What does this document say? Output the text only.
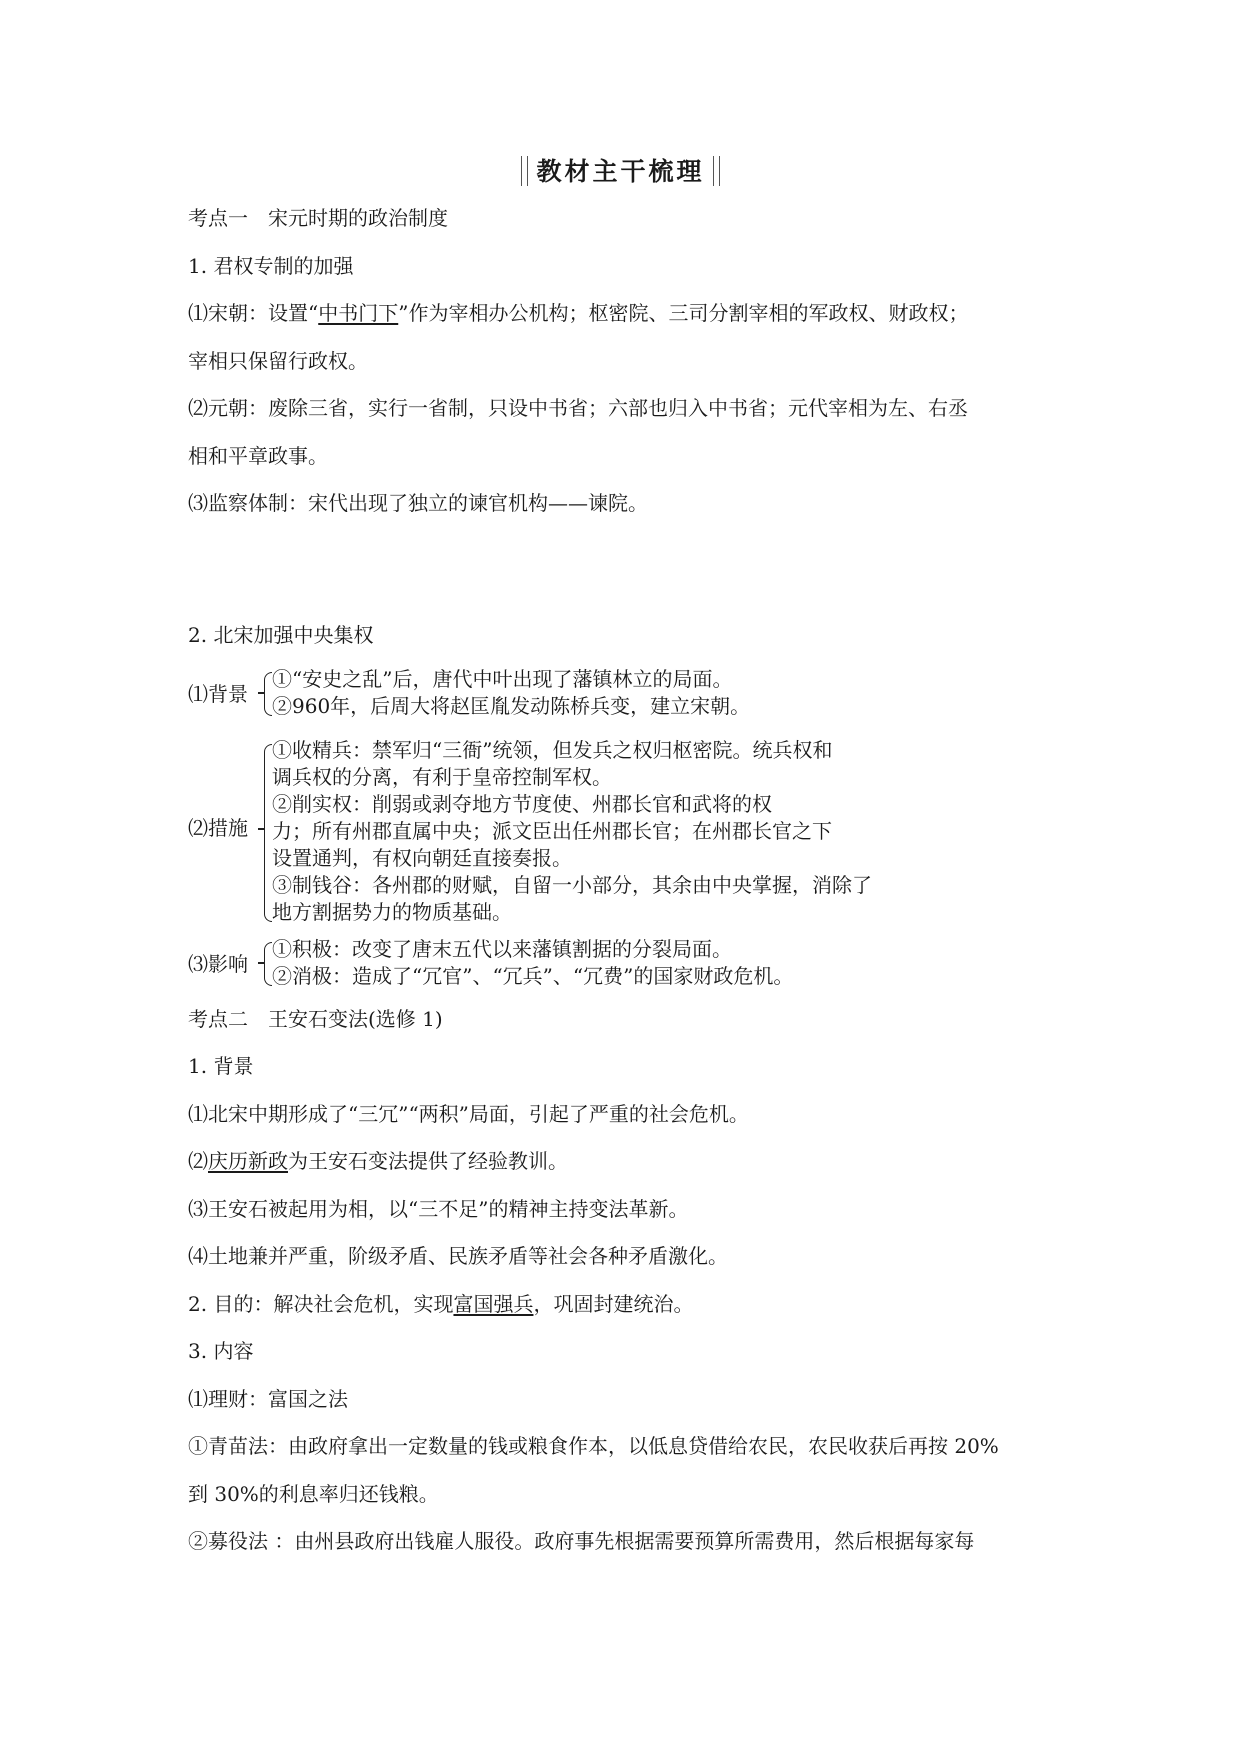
教材主干梳理
考点一　宋元时期的政治制度
1. 君权专制的加强
⑴宋朝：设置“中书门下”作为宰相办公机构；枢密院、三司分割宰相的军政权、财政权；
宰相只保留行政权。
⑵元朝：废除三省，实行一省制，只设中书省；六部也归入中书省；元代宰相为左、右丞
相和平章政事。
⑶监察体制：宋代出现了独立的谏官机构——谏院。
2. 北宋加强中央集权
⑴背景
①“安史之乱”后，唐代中叶出现了藩镇林立的局面。
②960年，后周大将赵匡胤发动陈桥兵变，建立宋朝。
⑵措施
①收精兵：禁军归“三衙”统领，但发兵之权归枢密院。统兵权和
调兵权的分离，有利于皇帝控制军权。
②削实权：削弱或剥夺地方节度使、州郡长官和武将的权
力；所有州郡直属中央；派文臣出任州郡长官；在州郡长官之下
设置通判，有权向朝廷直接奏报。
③制钱谷：各州郡的财赋，自留一小部分，其余由中央掌握，消除了
地方割据势力的物质基础。
⑶影响
①积极：改变了唐末五代以来藩镇割据的分裂局面。
②消极：造成了“冗官”、“冗兵”、“冗费”的国家财政危机。
考点二　王安石变法(选修 1)
1. 背景
⑴北宋中期形成了“三冗”“两积”局面，引起了严重的社会危机。
⑵庆历新政为王安石变法提供了经验教训。
⑶王安石被起用为相，以“三不足”的精神主持变法革新。
⑷土地兼并严重，阶级矛盾、民族矛盾等社会各种矛盾激化。
2. 目的：解决社会危机，实现富国强兵，巩固封建统治。
3. 内容
⑴理财：富国之法
①青苗法：由政府拿出一定数量的钱或粮食作本，以低息贷借给农民，农民收获后再按 20%
到 30%的利息率归还钱粮。
②募役法 ：由州县政府出钱雇人服役。政府事先根据需要预算所需费用，然后根据每家每
